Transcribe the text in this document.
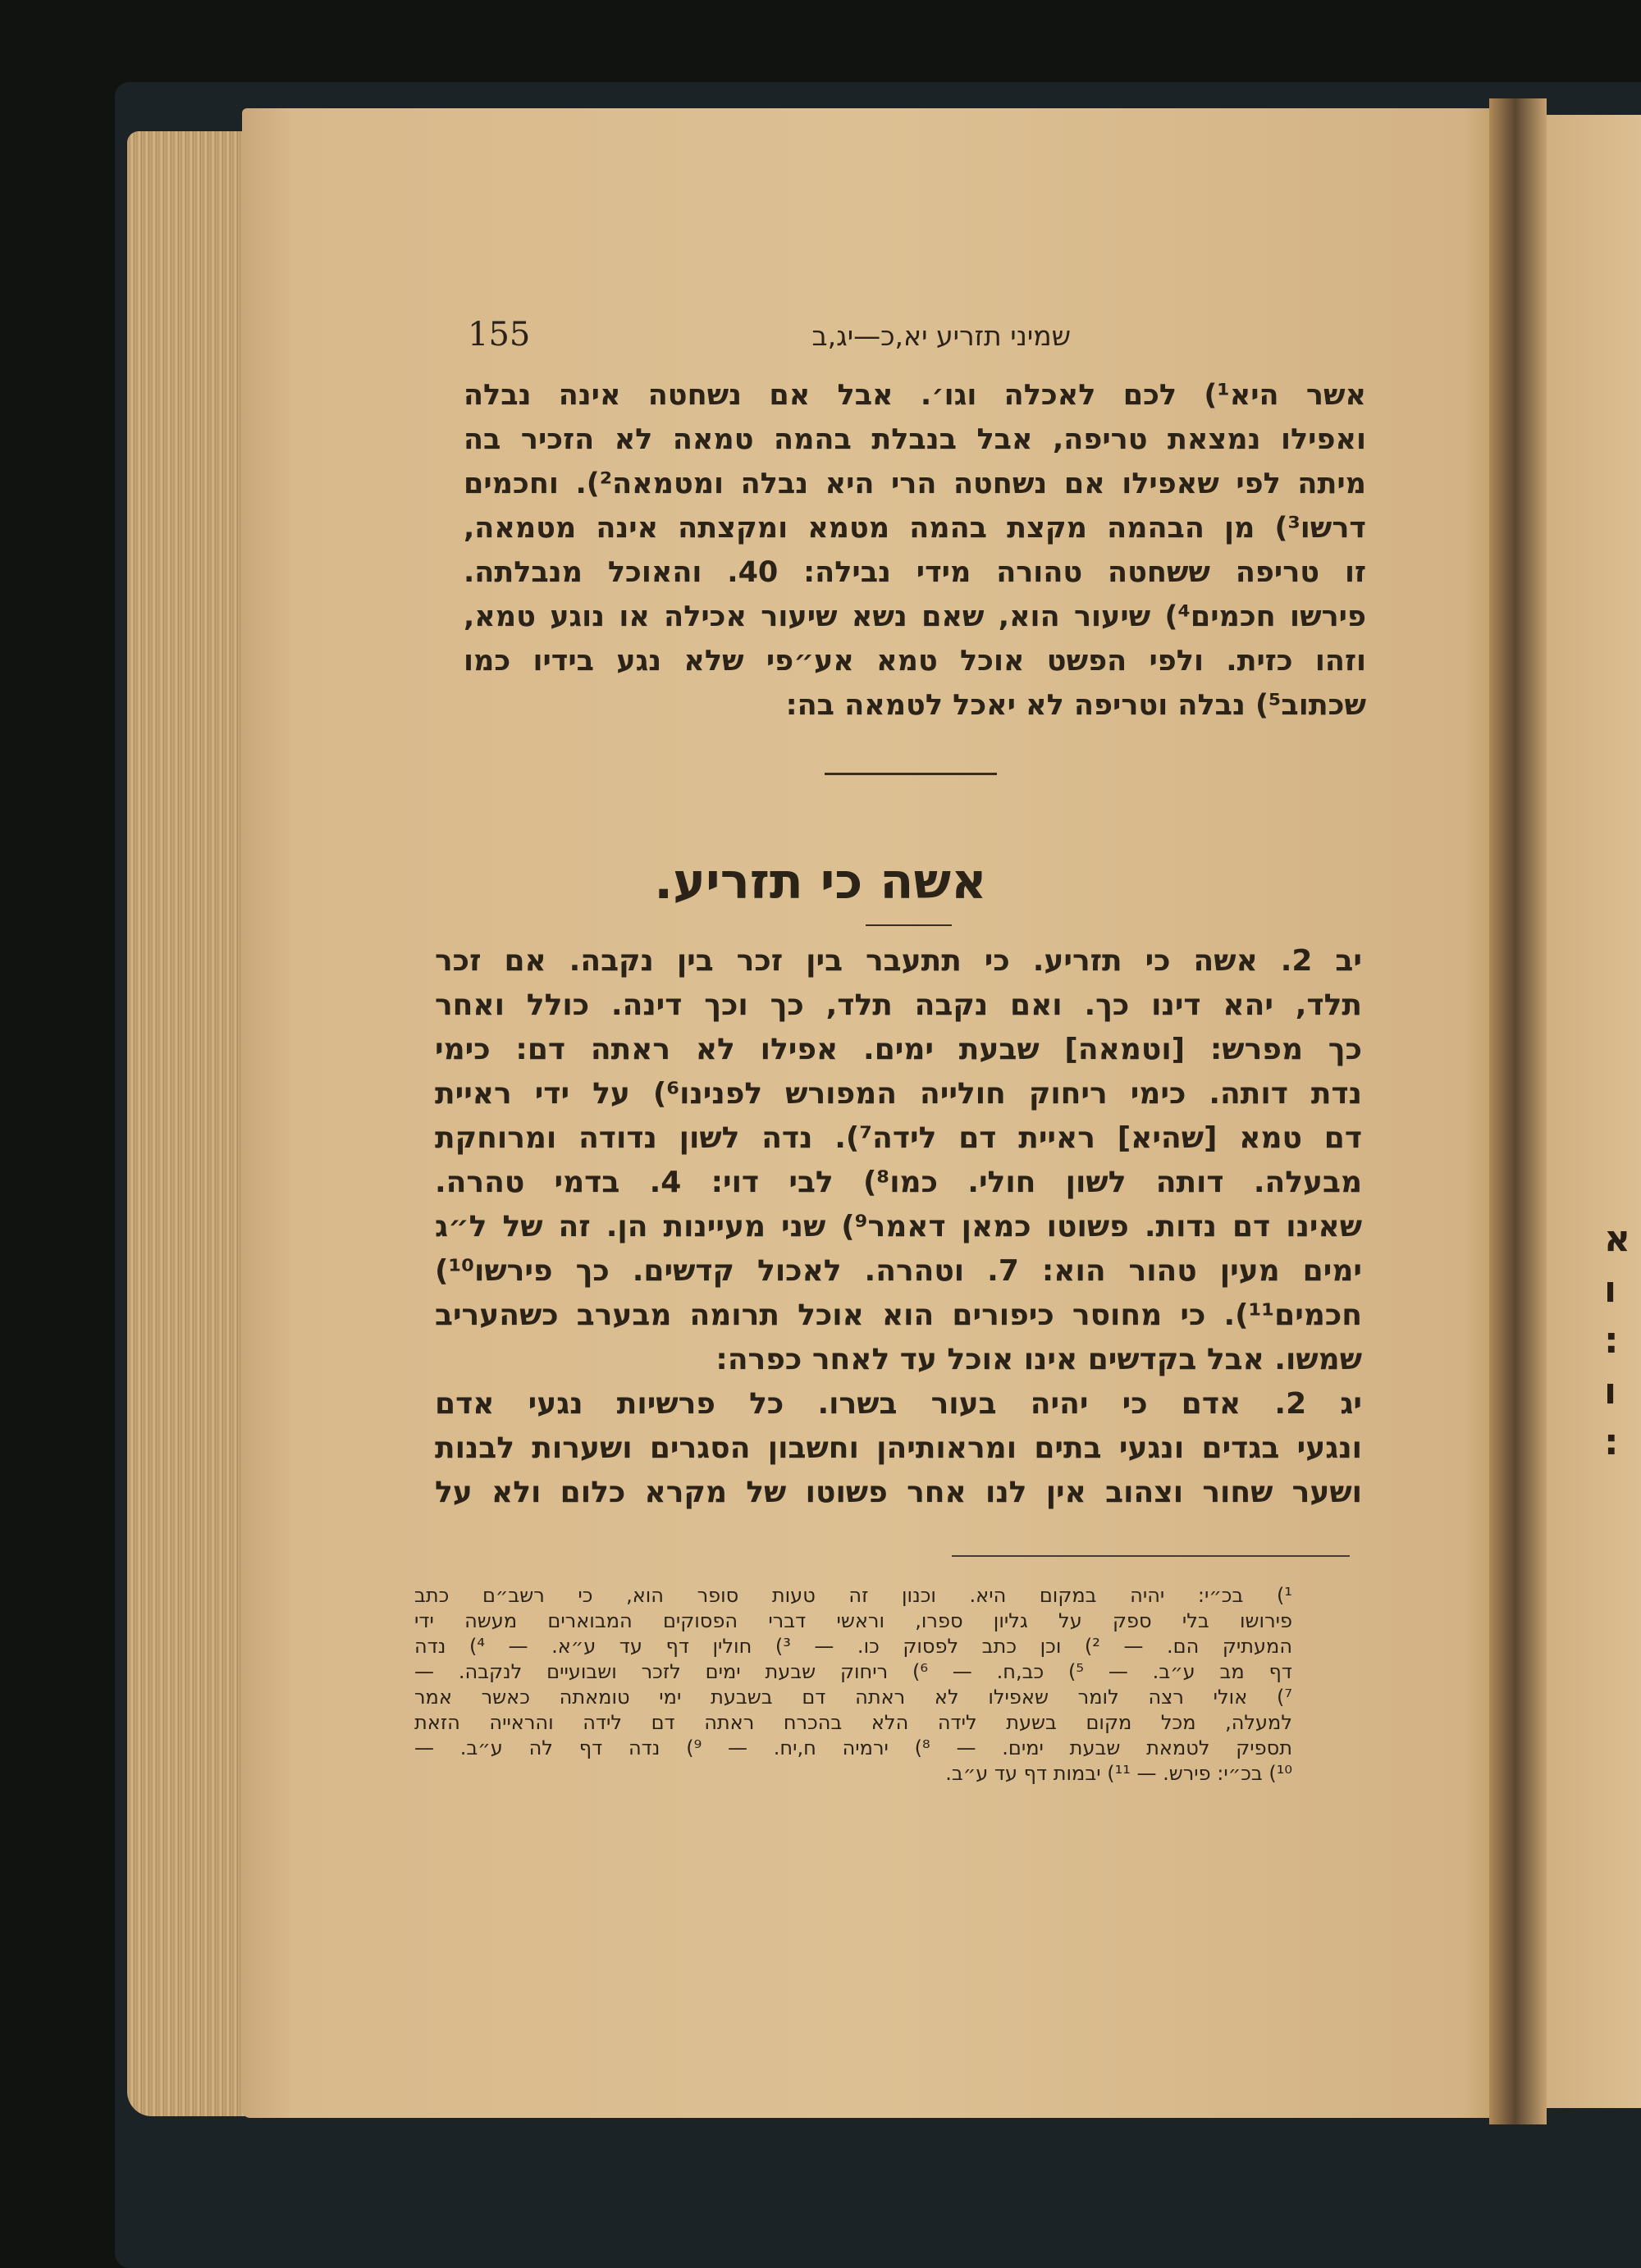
א
ו
:
ו
:
155	שמיני תזריע יא,כ—יג,ב
אשר היא¹) לכם לאכלה וגו׳. אבל אם נשחטה אינה נבלה
ואפילו נמצאת טריפה, אבל בנבלת בהמה טמאה לא הזכיר בה
מיתה לפי שאפילו אם נשחטה הרי היא נבלה ומטמאה²). וחכמים
דרשו³) מן הבהמה מקצת בהמה מטמא ומקצתה אינה מטמאה,
זו טריפה ששחטה טהורה מידי נבילה: 40. והאוכל מנבלתה.
פירשו חכמים⁴) שיעור הוא, שאם נשא שיעור אכילה או נוגע טמא,
וזהו כזית. ולפי הפשט אוכל טמא אע״פי שלא נגע בידיו כמו
שכתוב⁵) נבלה וטריפה לא יאכל לטמאה בה:
אשה כי תזריע.
יב 2. אשה כי תזריע. כי תתעבר בין זכר בין נקבה. אם זכר
תלד, יהא דינו כך. ואם נקבה תלד, כך וכך דינה. כולל ואחר
כך מפרש: [וטמאה] שבעת ימים. אפילו לא ראתה דם: כימי
נדת דותה. כימי ריחוק חולייה המפורש לפנינו⁶) על ידי ראיית
דם טמא [שהיא] ראיית דם לידה⁷). נדה לשון נדודה ומרוחקת
מבעלה. דותה לשון חולי. כמו⁸) לבי דוי: 4. בדמי טהרה.
שאינו דם נדות. פשוטו כמאן דאמר⁹) שני מעיינות הן. זה של ל״ג
ימים מעין טהור הוא: 7. וטהרה. לאכול קדשים. כך פירשו¹⁰)
חכמים¹¹). כי מחוסר כיפורים הוא אוכל תרומה מבערב כשהעריב
שמשו. אבל בקדשים אינו אוכל עד לאחר כפרה:
יג 2. אדם כי יהיה בעור בשרו. כל פרשיות נגעי אדם
ונגעי בגדים ונגעי בתים ומראותיהן וחשבון הסגרים ושערות לבנות
ושער שחור וצהוב אין לנו אחר פשוטו של מקרא כלום ולא על
¹) בכ״י: יהיה במקום היא. וכנון זה טעות סופר הוא, כי רשב״ם כתב
פירושו בלי ספק על גליון ספרו, וראשי דברי הפסוקים המבוארים מעשה ידי
המעתיק הם. — ²) וכן כתב לפסוק כו. — ³) חולין דף עד ע״א. — ⁴) נדה
דף מב ע״ב. — ⁵) כב,ח. — ⁶) ריחוק שבעת ימים לזכר ושבועיים לנקבה. —
⁷) אולי רצה לומר שאפילו לא ראתה דם בשבעת ימי טומאתה כאשר אמר
למעלה, מכל מקום בשעת לידה הלא בהכרח ראתה דם לידה והראייה הזאת
תספיק לטמאת שבעת ימים. — ⁸) ירמיה ח,יח. — ⁹) נדה דף לה ע״ב. —
¹⁰) בכ״י: פירש. — ¹¹) יבמות דף עד ע״ב.
